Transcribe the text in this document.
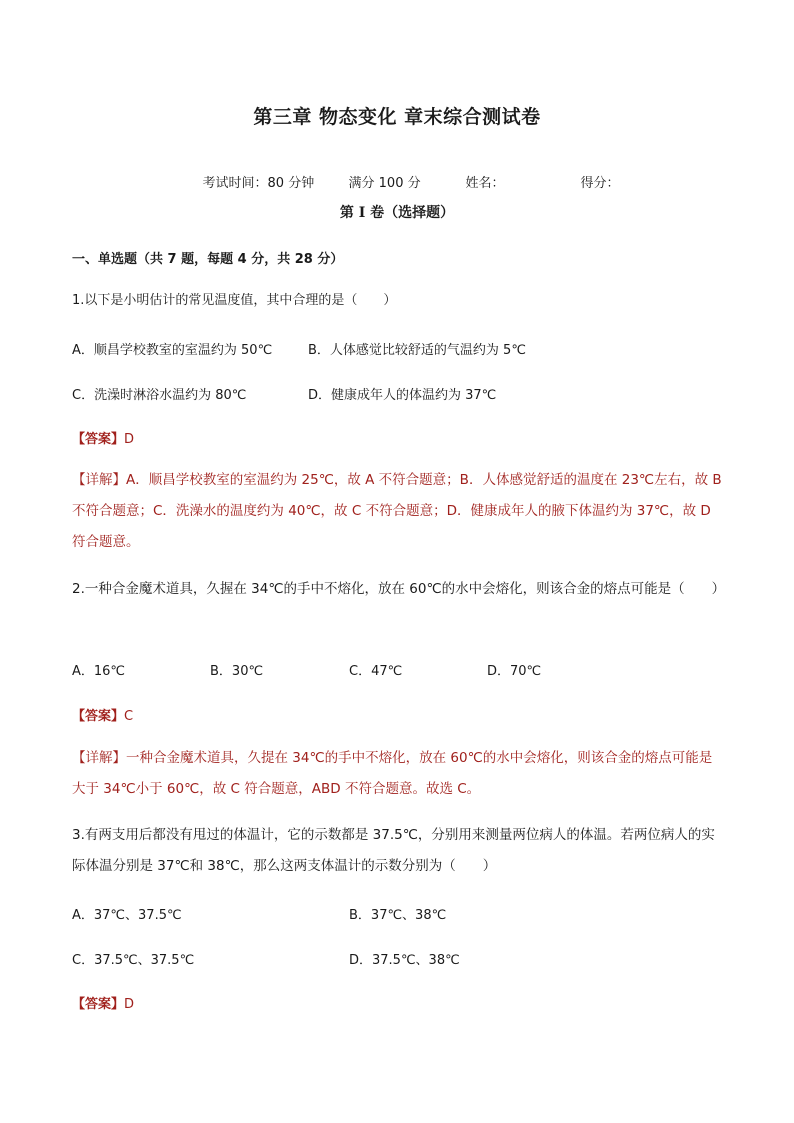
第三章 物态变化 章末综合测试卷

考试时间：80 分钟	满分 100 分	姓名：	得分：

第 I 卷（选择题）
一、单选题（共 7 题，每题 4 分，共 28 分）
1.以下是小明估计的常见温度值，其中合理的是（　　）
A．顺昌学校教室的室温约为 50℃	B．人体感觉比较舒适的气温约为 5℃
C．洗澡时淋浴水温约为 80℃	D．健康成年人的体温约为 37℃
【答案】D
【详解】A．顺昌学校教室的室温约为 25℃，故 A 不符合题意；B．人体感觉舒适的温度在 23℃左右，故 B 不符合题意；C．洗澡水的温度约为 40℃，故 C 不符合题意；D．健康成年人的腋下体温约为 37℃，故 D 符合题意。
2.一种合金魔术道具，久握在 34℃的手中不熔化，放在 60℃的水中会熔化，则该合金的熔点可能是（　　）
A．16℃	B．30℃	C．47℃	D．70℃
【答案】C
【详解】一种合金魔术道具，久提在 34℃的手中不熔化，放在 60℃的水中会熔化，则该合金的熔点可能是大于 34℃小于 60℃，故 C 符合题意，ABD 不符合题意。故选 C。
3.有两支用后都没有甩过的体温计，它的示数都是 37.5℃，分别用来测量两位病人的体温。若两位病人的实际体温分别是 37℃和 38℃，那么这两支体温计的示数分别为（　　）
A．37℃、37.5℃	B．37℃、38℃
C．37.5℃、37.5℃	D．37.5℃、38℃
【答案】D
